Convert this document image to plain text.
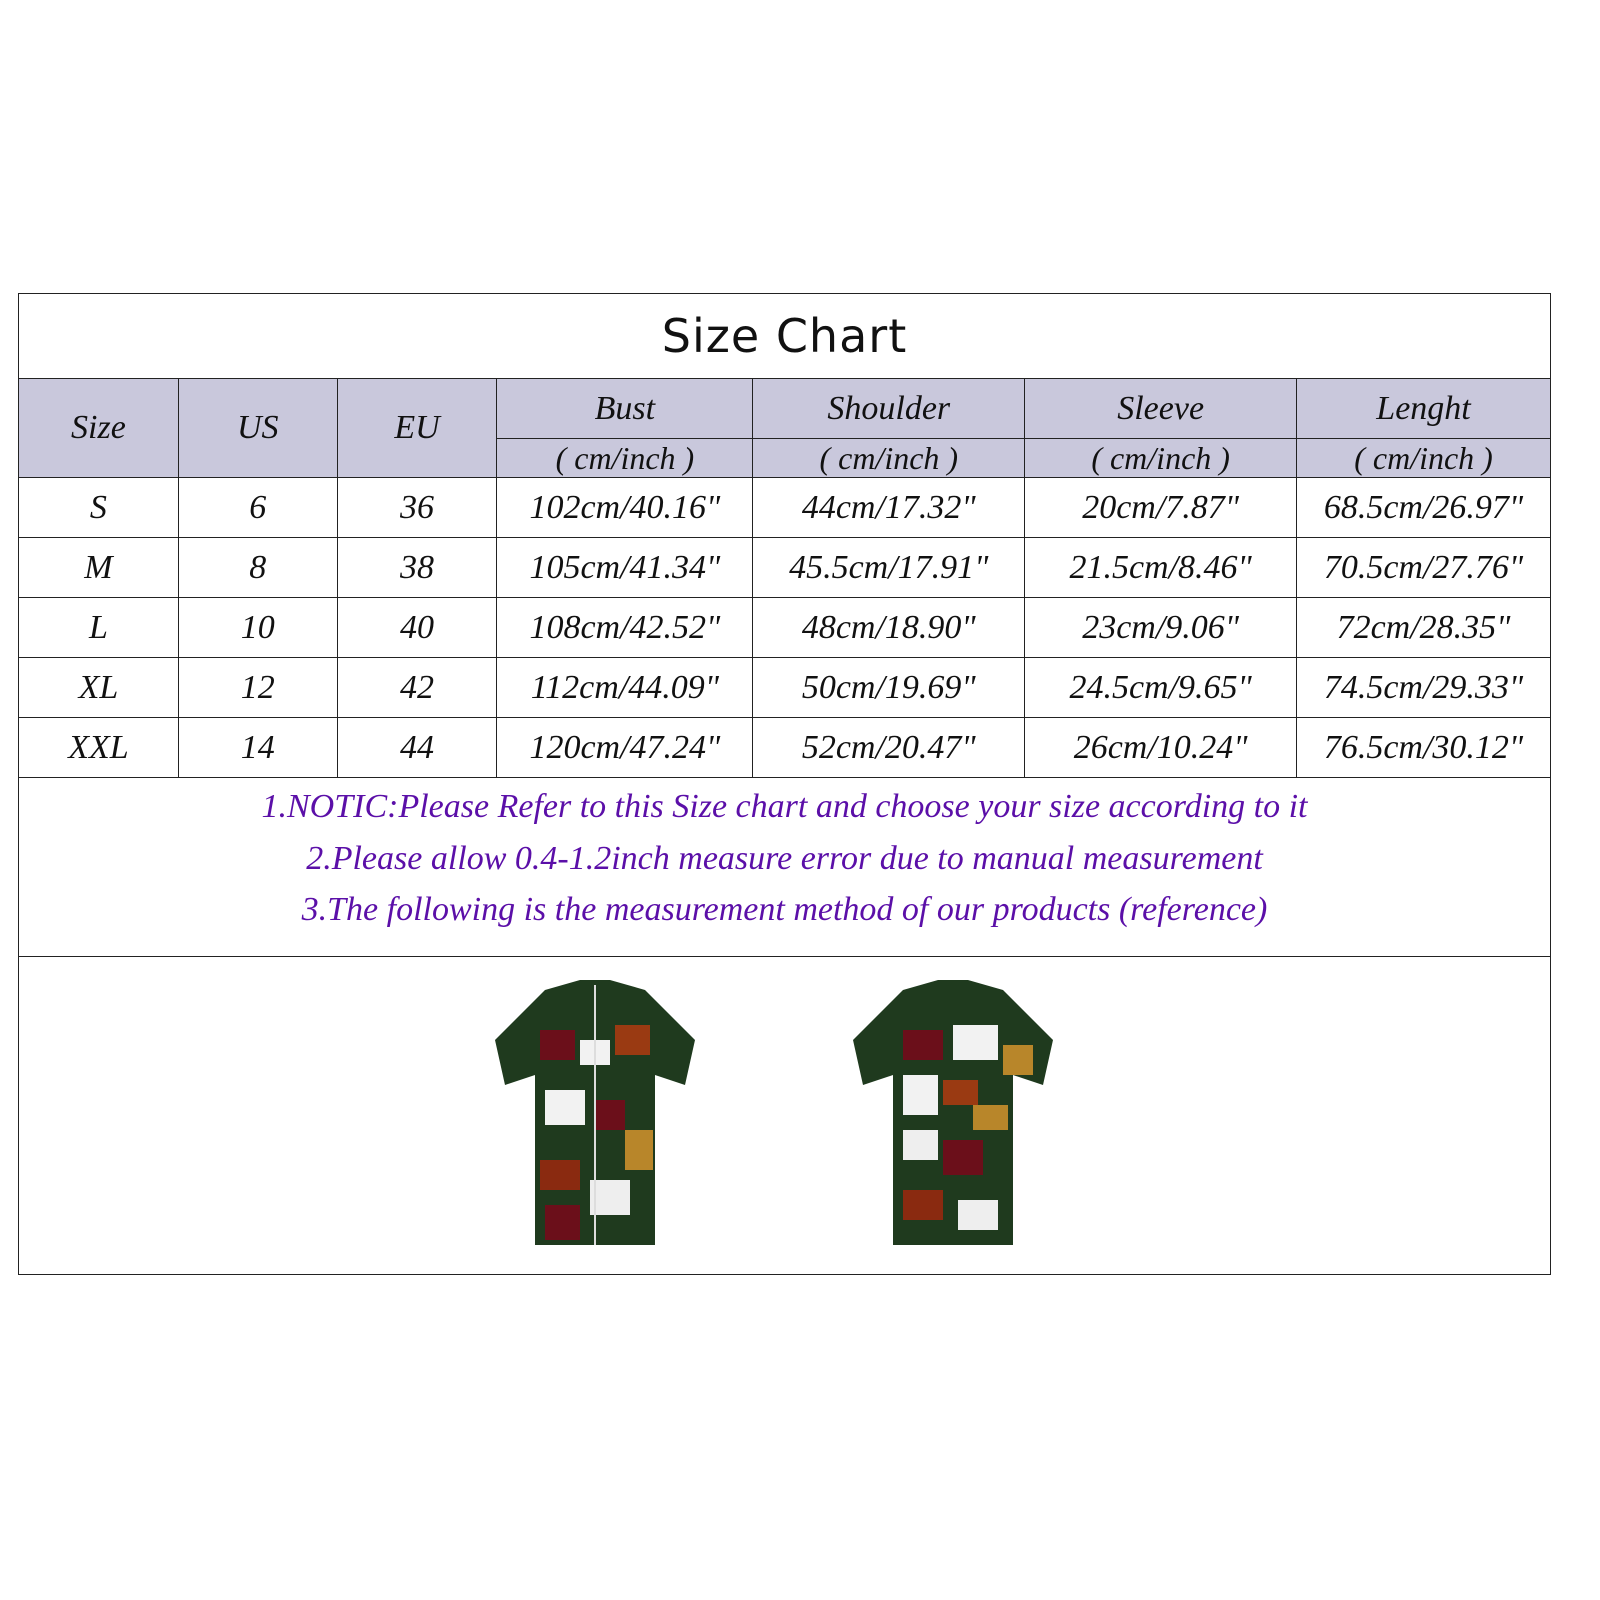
Size Chart
Size	US	EU	Bust	Shoulder	Sleeve	Lenght
			( cm/inch )	( cm/inch )	( cm/inch )	( cm/inch )
S	6	36	102cm/40.16"	44cm/17.32"	20cm/7.87"	68.5cm/26.97"
M	8	38	105cm/41.34"	45.5cm/17.91"	21.5cm/8.46"	70.5cm/27.76"
L	10	40	108cm/42.52"	48cm/18.90"	23cm/9.06"	72cm/28.35"
XL	12	42	112cm/44.09"	50cm/19.69"	24.5cm/9.65"	74.5cm/29.33"
XXL	14	44	120cm/47.24"	52cm/20.47"	26cm/10.24"	76.5cm/30.12"
1.NOTIC:Please Refer to this Size chart and choose your size according to it
2.Please allow 0.4-1.2inch measure error due to manual measurement
3.The following is the measurement method of our products (reference)
